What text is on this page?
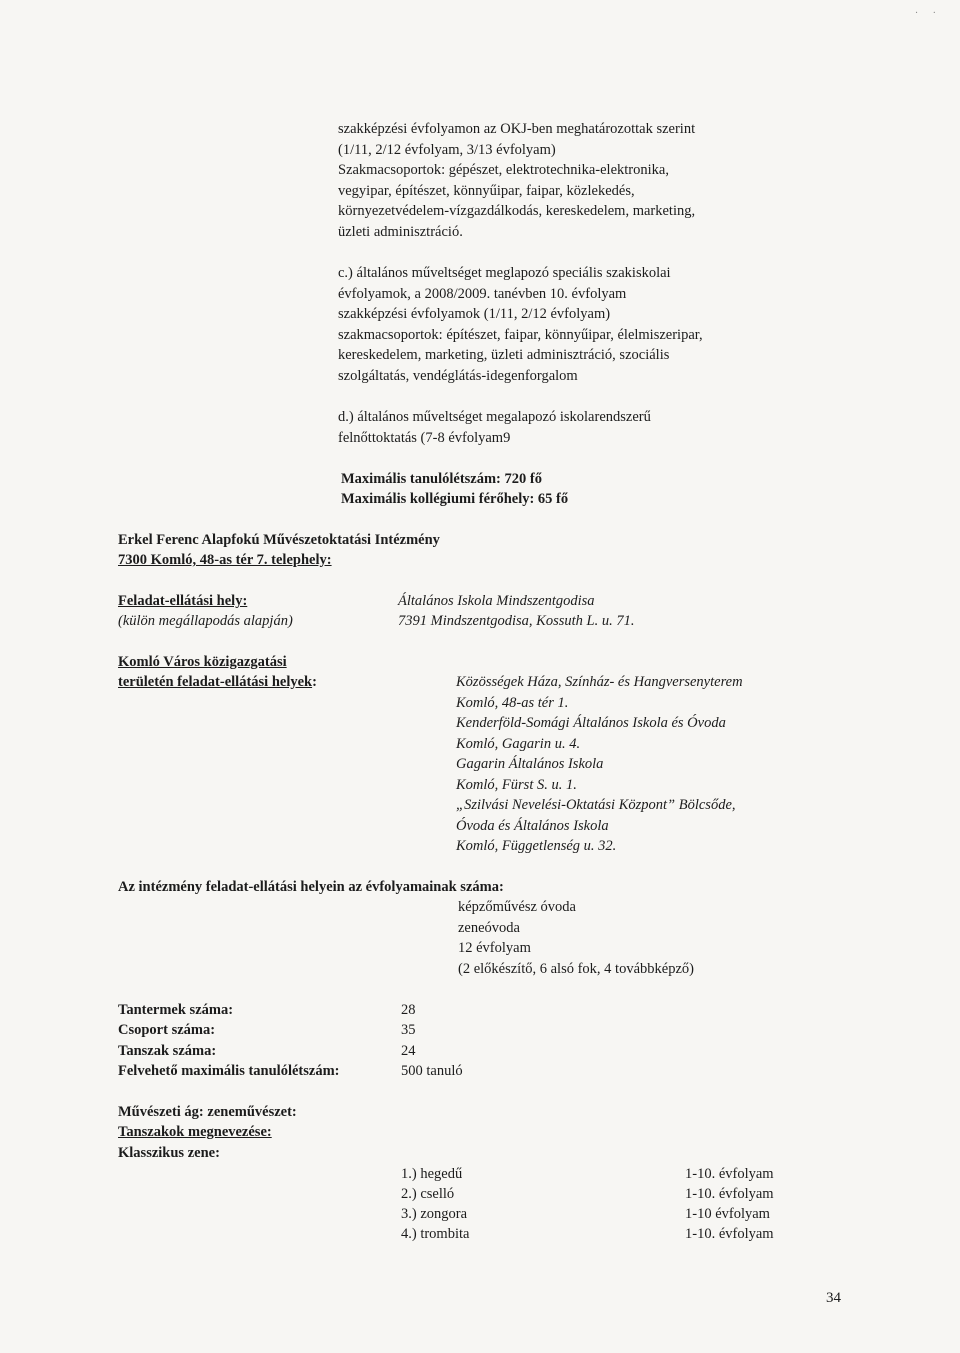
· ·
szakképzési évfolyamon az OKJ-ben meghatározottak szerint
(1/11, 2/12 évfolyam, 3/13 évfolyam)
Szakmacsoportok: gépészet, elektrotechnika-elektronika,
vegyipar, építészet, könnyűipar, faipar, közlekedés,
környezetvédelem-vízgazdálkodás, kereskedelem, marketing,
üzleti adminisztráció.
c.) általános műveltséget meglapozó speciális szakiskolai
évfolyamok, a 2008/2009. tanévben 10. évfolyam
szakképzési évfolyamok (1/11, 2/12 évfolyam)
szakmacsoportok: építészet, faipar, könnyűipar, élelmiszeripar,
kereskedelem, marketing, üzleti adminisztráció, szociális
szolgáltatás, vendéglátás-idegenforgalom
d.) általános műveltséget megalapozó iskolarendszerű
felnőttoktatás (7-8 évfolyam9
Maximális tanulólétszám: 720 fő
Maximális kollégiumi férőhely: 65 fő
Erkel Ferenc Alapfokú Művészetoktatási Intézmény
7300 Komló, 48-as tér 7. telephely:
Feladat-ellátási hely:
(külön megállapodás alapján)
Általános Iskola Mindszentgodisa
7391 Mindszentgodisa, Kossuth L. u. 71.
Komló Város közigazgatási
területén feladat-ellátási helyek:	Közösségek Háza, Színház- és Hangversenyterem
Komló, 48-as tér 1.
Kenderföld-Somági Általános Iskola és Óvoda
Komló, Gagarin u. 4.
Gagarin Általános Iskola
Komló, Fürst S. u. 1.
„Szilvási Nevelési-Oktatási Központ” Bölcsőde,
Óvoda és Általános Iskola
Komló, Függetlenség u. 32.
Az intézmény feladat-ellátási helyein az évfolyamainak száma:
képzőművész óvoda
zeneóvoda
12 évfolyam
(2 előkészítő, 6 alsó fok, 4 továbbképző)
Tantermek száma:	28
Csoport száma:	35
Tanszak száma:	24
Felvehető maximális tanulólétszám:	500 tanuló
Művészeti ág: zeneművészet:
Tanszakok megnevezése:
Klasszikus zene:
1.) hegedű	1-10. évfolyam
2.) cselló	1-10. évfolyam
3.) zongora	1-10 évfolyam
4.) trombita	1-10. évfolyam
34
